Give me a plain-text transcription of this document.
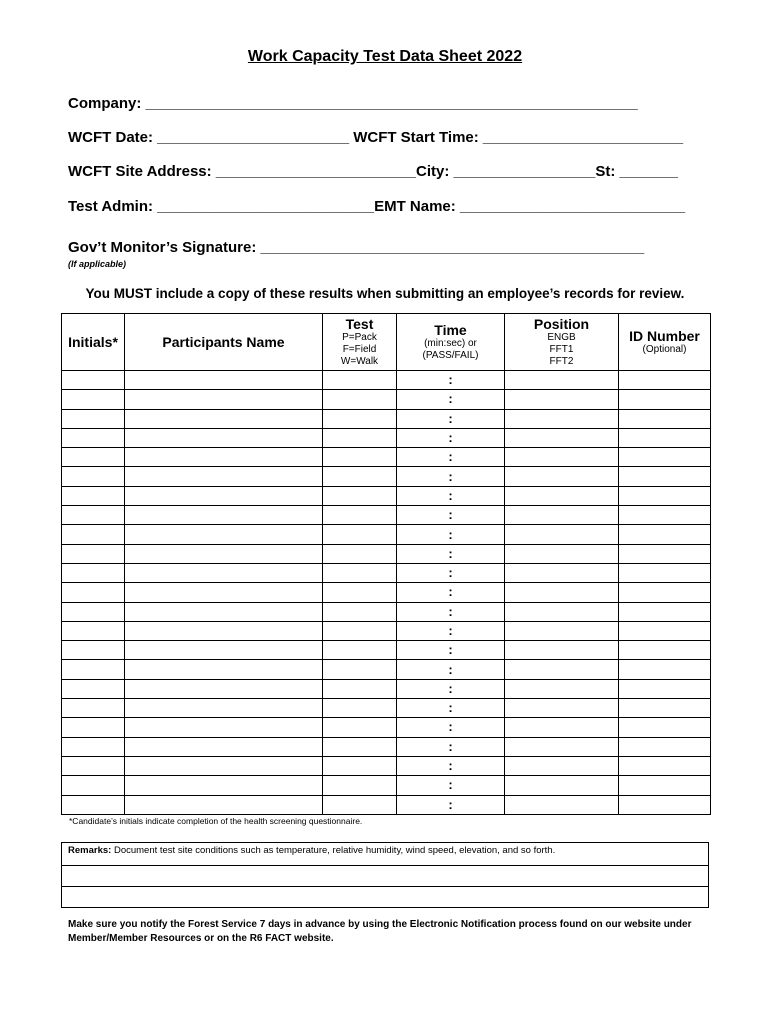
Work Capacity Test Data Sheet 2022
Company: ___________________________________________________________
WCFT Date: _______________________ WCFT Start Time: ________________________
WCFT Site Address: ________________________City: _________________St: _______
Test Admin: __________________________EMT Name: ___________________________
Gov’t Monitor’s Signature: ______________________________________________
(If applicable)
You MUST include a copy of these results when submitting an employee’s records for review.
Initials*	Participants Name	Test
P=Pack
F=Field
W=Walk	Time
(min:sec) or
(PASS/FAIL)	Position
ENGB
FFT1
FFT2	ID Number
(Optional)

			:		
			:		
			:		
			:		
			:		
			:		
			:		
			:		
			:		
			:		
			:		
			:		
			:		
			:		
			:		
			:		
			:		
			:		
			:		
			:		
			:		
			:		
			:		
*Candidate’s initials indicate completion of the health screening questionnaire.
Remarks: Document test site conditions such as temperature, relative humidity, wind speed, elevation, and so forth.

Make sure you notify the Forest Service 7 days in advance by using the Electronic Notification process found on our website under Member/Member Resources or on the R6 FACT website.
